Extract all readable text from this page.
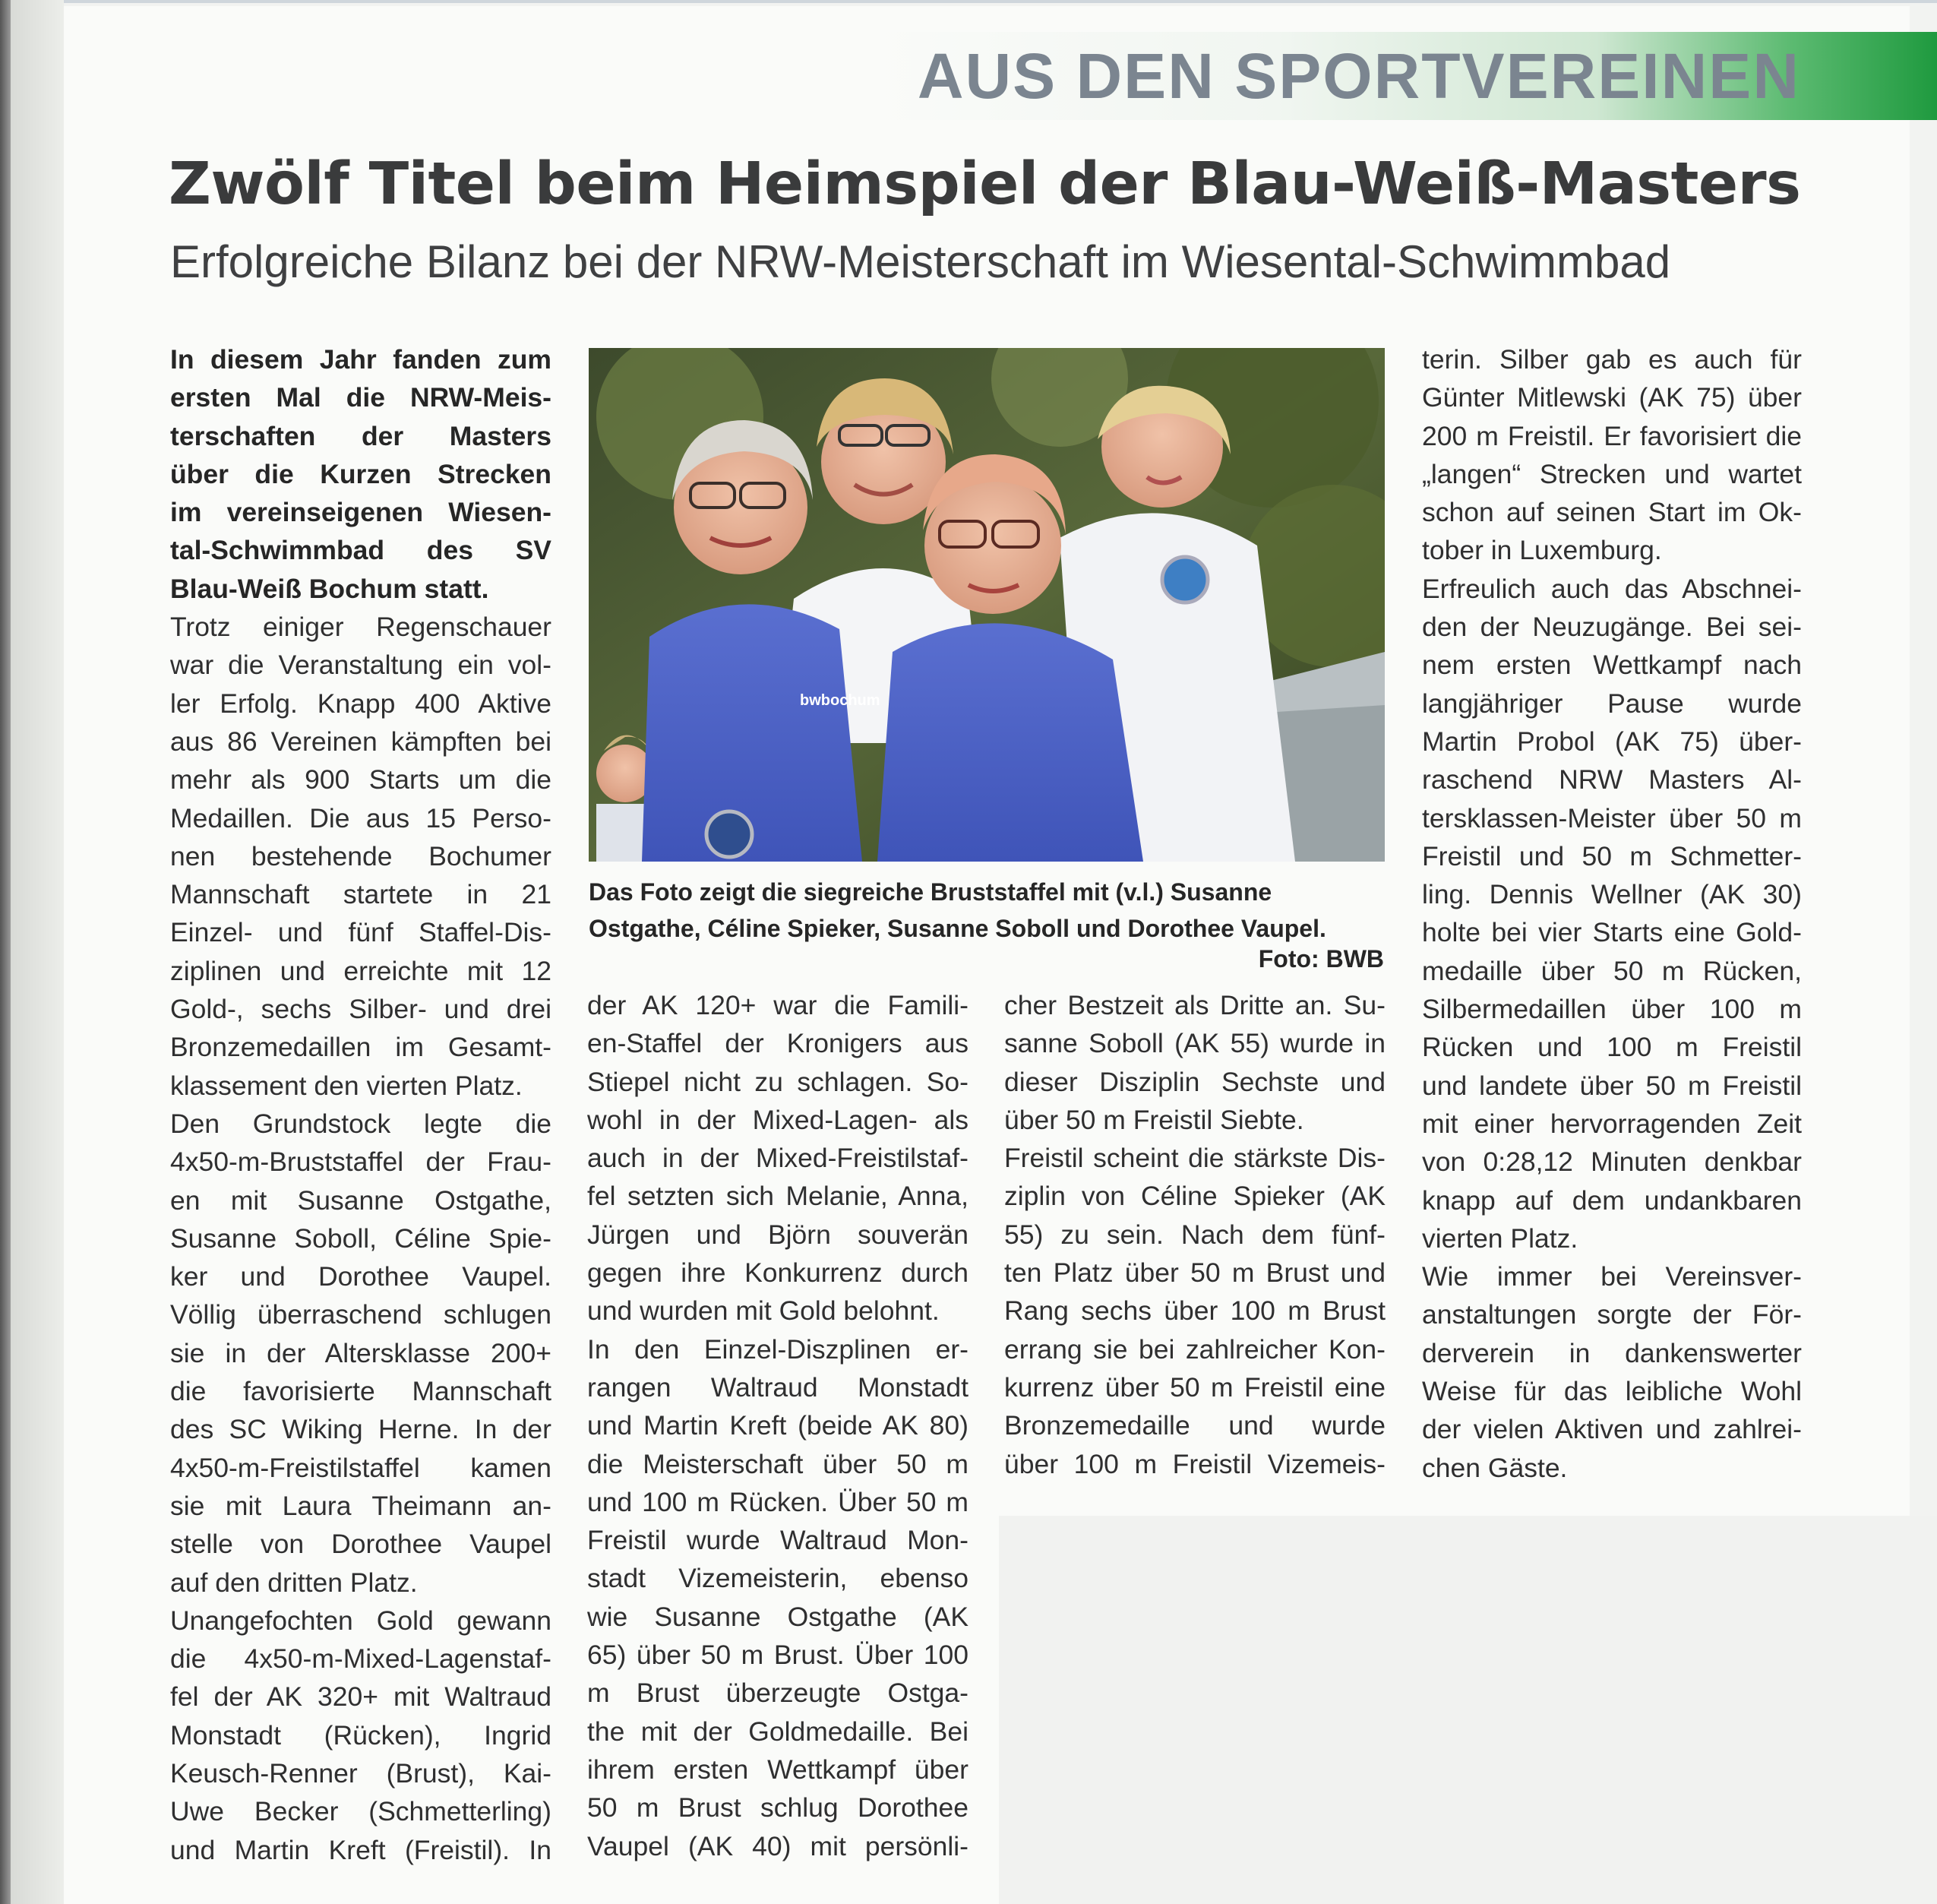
AUS DEN SPORTVEREINEN
Zwölf Titel beim Heimspiel der Blau-Weiß-Masters
Erfolgreiche Bilanz bei der NRW-Meisterschaft im Wiesental-Schwimmbad
In diesem Jahr fanden zum
ersten Mal die NRW-Meis-
terschaften der Masters
über die Kurzen Strecken
im vereinseigenen Wiesen-
tal-Schwimmbad des SV
Blau-Weiß Bochum statt.
Trotz einiger Regenschauer
war die Veranstaltung ein vol-
ler Erfolg. Knapp 400 Aktive
aus 86 Vereinen kämpften bei
mehr als 900 Starts um die
Medaillen. Die aus 15 Perso-
nen bestehende Bochumer
Mannschaft startete in 21
Einzel- und fünf Staffel-Dis-
ziplinen und erreichte mit 12
Gold-, sechs Silber- und drei
Bronzemedaillen im Gesamt-
klassement den vierten Platz.
Den Grundstock legte die
4x50-m-Bruststaffel der Frau-
en mit Susanne Ostgathe,
Susanne Soboll, Céline Spie-
ker und Dorothee Vaupel.
Völlig überraschend schlugen
sie in der Altersklasse 200+
die favorisierte Mannschaft
des SC Wiking Herne. In der
4x50-m-Freistilstaffel kamen
sie mit Laura Theimann an-
stelle von Dorothee Vaupel
auf den dritten Platz.
Unangefochten Gold gewann
die 4x50-m-Mixed-Lagenstaf-
fel der AK 320+ mit Waltraud
Monstadt (Rücken), Ingrid
Keusch-Renner (Brust), Kai-
Uwe Becker (Schmetterling)
und Martin Kreft (Freistil). In
bwbochum
Das Foto zeigt die siegreiche Bruststaffel mit (v.l.) Susanne Ostgathe, Céline Spieker, Susanne Soboll und Dorothee Vaupel.
Foto: BWB
der AK 120+ war die Famili-
en-Staffel der Kronigers aus
Stiepel nicht zu schlagen. So-
wohl in der Mixed-Lagen- als
auch in der Mixed-Freistilstaf-
fel setzten sich Melanie, Anna,
Jürgen und Björn souverän
gegen ihre Konkurrenz durch
und wurden mit Gold belohnt.
In den Einzel-Diszplinen er-
rangen Waltraud Monstadt
und Martin Kreft (beide AK 80)
die Meisterschaft über 50 m
und 100 m Rücken. Über 50 m
Freistil wurde Waltraud Mon-
stadt Vizemeisterin, ebenso
wie Susanne Ostgathe (AK
65) über 50 m Brust. Über 100
m Brust überzeugte Ostga-
the mit der Goldmedaille. Bei
ihrem ersten Wettkampf über
50 m Brust schlug Dorothee
Vaupel (AK 40) mit persönli-
cher Bestzeit als Dritte an. Su-
sanne Soboll (AK 55) wurde in
dieser Disziplin Sechste und
über 50 m Freistil Siebte.
Freistil scheint die stärkste Dis-
ziplin von Céline Spieker (AK
55) zu sein. Nach dem fünf-
ten Platz über 50 m Brust und
Rang sechs über 100 m Brust
errang sie bei zahlreicher Kon-
kurrenz über 50 m Freistil eine
Bronzemedaille und wurde
über 100 m Freistil Vizemeis-
terin. Silber gab es auch für
Günter Mitlewski (AK 75) über
200 m Freistil. Er favorisiert die
„langen“ Strecken und wartet
schon auf seinen Start im Ok-
tober in Luxemburg.
Erfreulich auch das Abschnei-
den der Neuzugänge. Bei sei-
nem ersten Wettkampf nach
langjähriger Pause wurde
Martin Probol (AK 75) über-
raschend NRW Masters Al-
tersklassen-Meister über 50 m
Freistil und 50 m Schmetter-
ling. Dennis Wellner (AK 30)
holte bei vier Starts eine Gold-
medaille über 50 m Rücken,
Silbermedaillen über 100 m
Rücken und 100 m Freistil
und landete über 50 m Freistil
mit einer hervorragenden Zeit
von 0:28,12 Minuten denkbar
knapp auf dem undankbaren
vierten Platz.
Wie immer bei Vereinsver-
anstaltungen sorgte der För-
derverein in dankenswerter
Weise für das leibliche Wohl
der vielen Aktiven und zahlrei-
chen Gäste.
